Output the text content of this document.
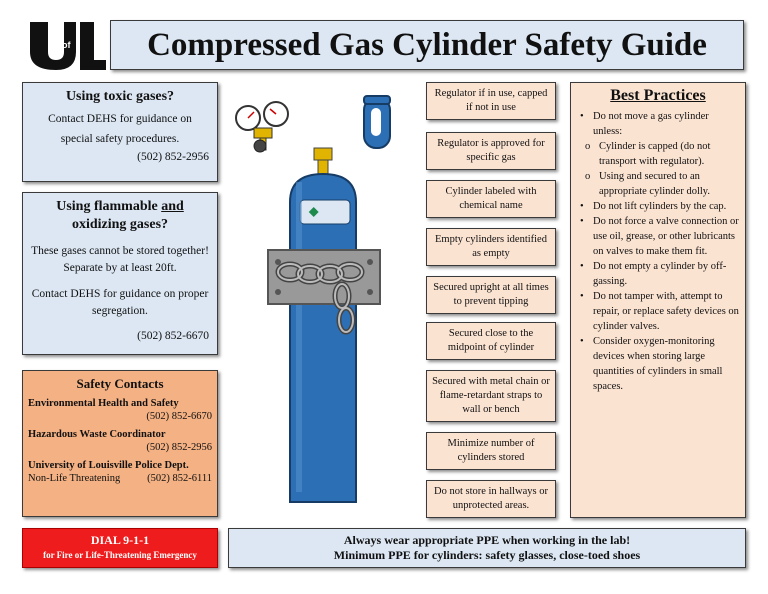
of	Compressed Gas Cylinder Safety Guide
Using toxic gases?

Contact DEHS for guidance on special safety procedures.

(502) 852-2956
Using flammable and
oxidizing gases?

These gases cannot be stored together! Separate by at least 20ft.

Contact DEHS for guidance on proper segregation.

(502) 852-6670
Safety Contacts
Environmental Health and Safety
(502) 852-6670
Hazardous Waste Coordinator
(502) 852-2956
University of Louisville Police Dept.
Non-Life Threatening	(502) 852-6111
DIAL 9-1-1
for Fire or Life-Threatening Emergency
Regulator if in use, capped if not in use
Regulator is approved for specific gas
Cylinder labeled with chemical name
Empty cylinders identified as empty
Secured upright at all times to prevent tipping
Secured close to the midpoint of cylinder
Secured with metal chain or flame-retardant straps to wall or bench
Minimize number of cylinders stored
Do not store in hallways or unprotected areas.
Best Practices
• Do not move a gas cylinder unless:
o Cylinder is capped (do not transport with regulator).
o Using and secured to an appropriate cylinder dolly.
• Do not lift cylinders by the cap.
• Do not force a valve connection or use oil, grease, or other lubricants on valves to make them fit.
• Do not empty a cylinder by off-gassing.
• Do not tamper with, attempt to repair, or replace safety devices on cylinder valves.
• Consider oxygen-monitoring devices when storing large quantities of cylinders in small spaces.
Always wear appropriate PPE when working in the lab!
Minimum PPE for cylinders: safety glasses, close-toed shoes
